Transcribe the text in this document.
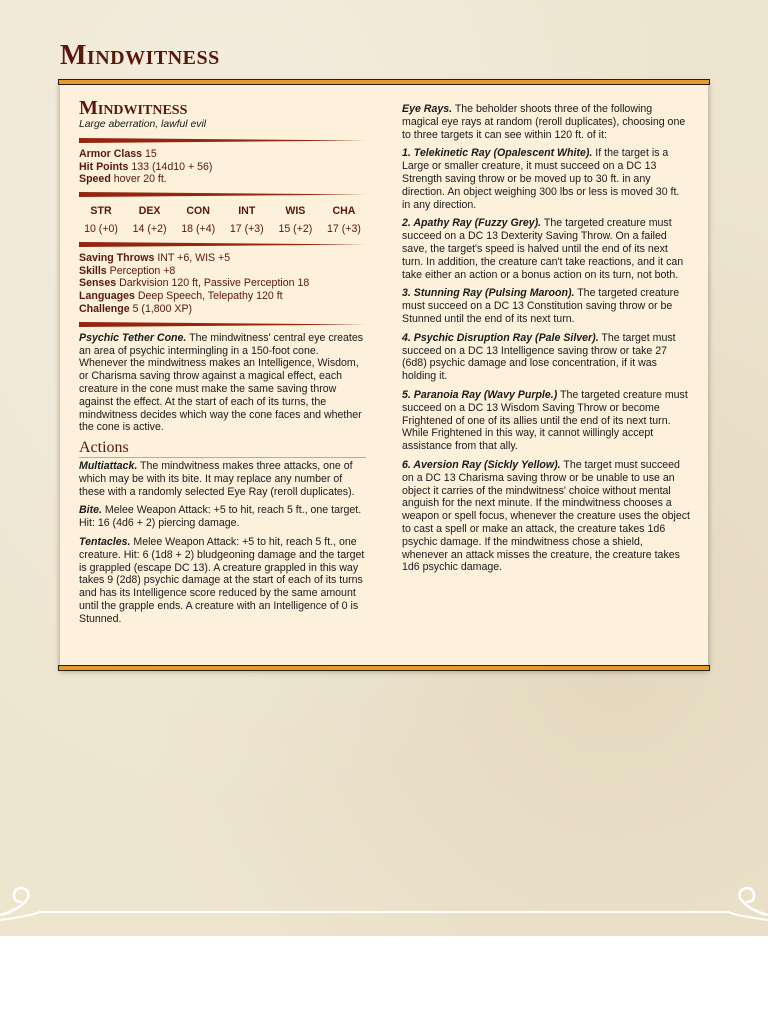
Mindwitness
Mindwitness
Large aberration, lawful evil

Armor Class 15

Hit Points 133 (14d10 + 56)

Speed hover 20 ft.

STR
10 (+0)
DEX
14 (+2)
CON
18 (+4)
INT
17 (+3)
WIS
15 (+2)
CHA
17 (+3)

Saving Throws INT +6, WIS +5

Skills Perception +8

Senses Darkvision 120 ft, Passive Perception 18

Languages Deep Speech, Telepathy 120 ft

Challenge 5 (1,800 XP)

Psychic Tether Cone. The mindwitness' central eye creates an area of psychic intermingling in a 150-foot cone. Whenever the mindwitness makes an Intelligence, Wisdom, or Charisma saving throw against a magical effect, each creature in the cone must make the same saving throw against the effect. At the start of each of its turns, the mindwitness decides which way the cone faces and whether the cone is active.

Actions

Multiattack. The mindwitness makes three attacks, one of which may be with its bite. It may replace any number of these with a randomly selected Eye Ray (reroll duplicates).

Bite. Melee Weapon Attack: +5 to hit, reach 5 ft., one target. Hit: 16 (4d6 + 2) piercing damage.

Tentacles. Melee Weapon Attack: +5 to hit, reach 5 ft., one creature. Hit: 6 (1d8 + 2) bludgeoning damage and the target is grappled (escape DC 13). A creature grappled in this way takes 9 (2d8) psychic damage at the start of each of its turns and has its Intelligence score reduced by the same amount until the grapple ends. A creature with an Intelligence of 0 is Stunned.

Eye Rays. The beholder shoots three of the following magical eye rays at random (reroll duplicates), choosing one to three targets it can see within 120 ft. of it:

1. Telekinetic Ray (Opalescent White). If the target is a Large or smaller creature, it must succeed on a DC 13 Strength saving throw or be moved up to 30 ft. in any direction. An object weighing 300 lbs or less is moved 30 ft. in any direction.

2. Apathy Ray (Fuzzy Grey). The targeted creature must succeed on a DC 13 Dexterity Saving Throw. On a failed save, the target's speed is halved until the end of its next turn. In addition, the creature can't take reactions, and it can take either an action or a bonus action on its turn, not both.

3. Stunning Ray (Pulsing Maroon). The targeted creature must succeed on a DC 13 Constitution saving throw or be Stunned until the end of its next turn.

4. Psychic Disruption Ray (Pale Silver). The target must succeed on a DC 13 Intelligence saving throw or take 27 (6d8) psychic damage and lose concentration, if it was holding it.

5. Paranoia Ray (Wavy Purple.) The targeted creature must succeed on a DC 13 Wisdom Saving Throw or become Frightened of one of its allies until the end of its next turn. While Frightened in this way, it cannot willingly accept assistance from that ally.

6. Aversion Ray (Sickly Yellow). The target must succeed on a DC 13 Charisma saving throw or be unable to use an object it carries of the mindwitness' choice without mental anguish for the next minute. If the mindwitness chooses a weapon or spell focus, whenever the creature uses the object to cast a spell or make an attack, the creature takes 1d6 psychic damage. If the mindwitness chose a shield, whenever an attack misses the creature, the creature takes 1d6 psychic damage.
